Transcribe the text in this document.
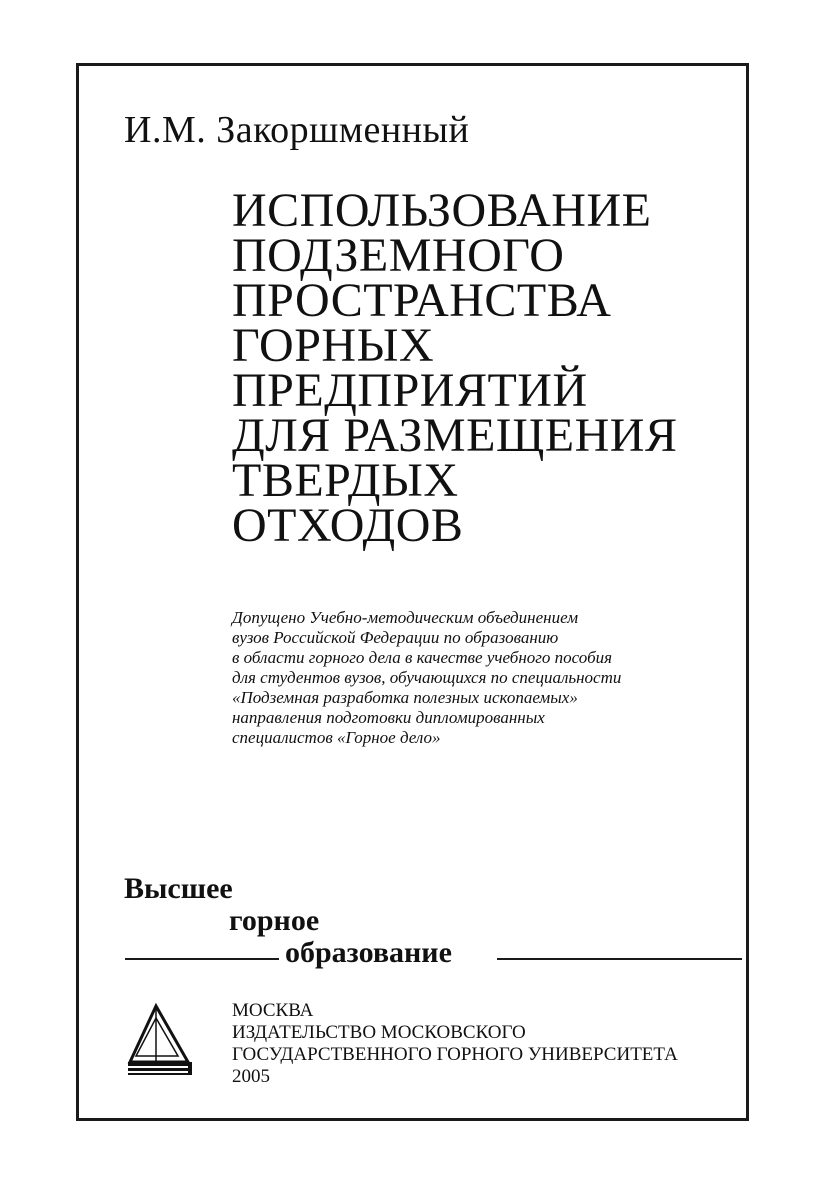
И.М. Закоршменный
ИСПОЛЬЗОВАНИЕ
ПОДЗЕМНОГО
ПРОСТРАНСТВА
ГОРНЫХ
ПРЕДПРИЯТИЙ
ДЛЯ РАЗМЕЩЕНИЯ
ТВЕРДЫХ
ОТХОДОВ
Допущено Учебно-методическим объединением
вузов Российской Федерации по образованию
в области горного дела в качестве учебного пособия
для студентов вузов, обучающихся по специальности
«Подземная разработка полезных ископаемых»
направления подготовки дипломированных
специалистов «Горное дело»
Высшее
горное
образование
МОСКВА
ИЗДАТЕЛЬСТВО МОСКОВСКОГО
ГОСУДАРСТВЕННОГО ГОРНОГО УНИВЕРСИТЕТА
2005
